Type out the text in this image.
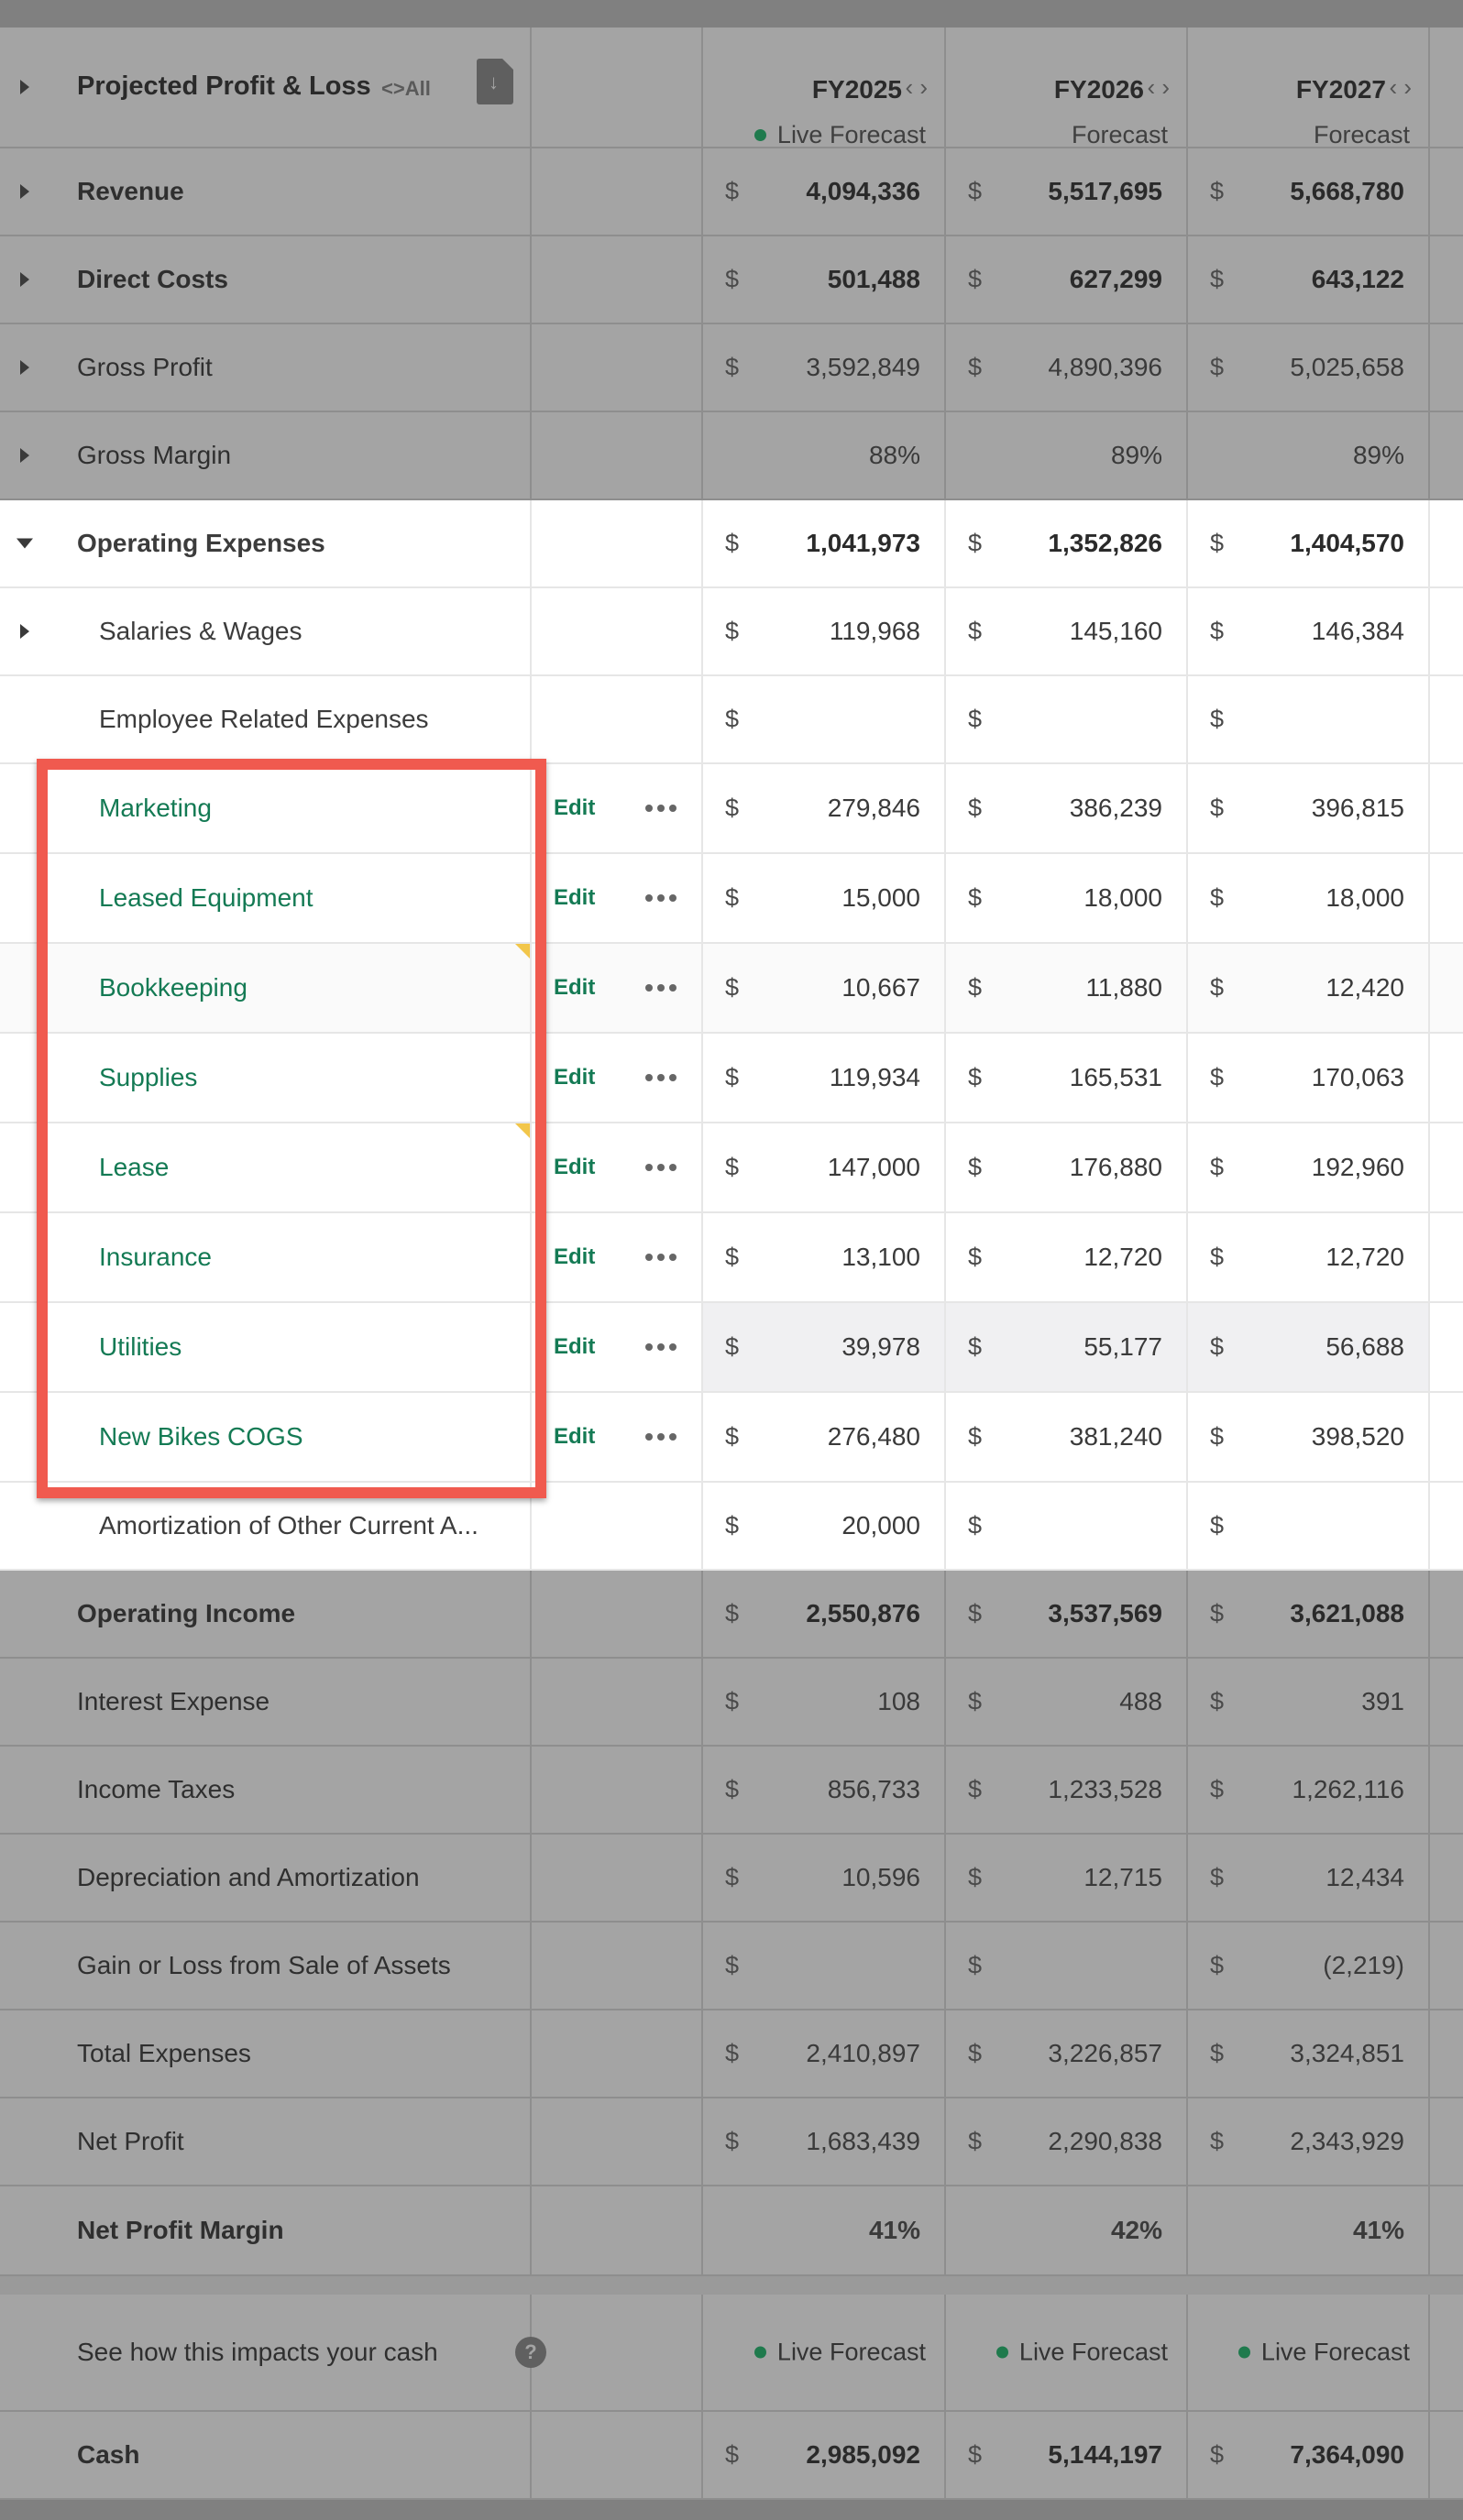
FY2025 ‹ ›
Live Forecast
FY2026 ‹ ›
Forecast
FY2027 ‹ ›
Forecast
Projected Profit & Loss <>All	↓
Revenue	$	4,094,336 $	5,517,695 $	5,668,780
Direct Costs	$	501,488 $	627,299 $	643,122
Gross Profit	$	3,592,849 $	4,890,396 $	5,025,658
Gross Margin	88%	89%	89%
Operating Expenses	$	1,041,973 $	1,352,826 $	1,404,570
Salaries & Wages	$	119,968 $	145,160 $	146,384
Employee Related Expenses	$	$	$
Marketing	Edit	$	279,846 $	386,239 $	396,815
Leased Equipment	Edit	$	15,000 $	18,000 $	18,000
Bookkeeping	Edit	$	10,667 $	11,880 $	12,420
Supplies	Edit	$	119,934 $	165,531 $	170,063
Lease	Edit	$	147,000 $	176,880 $	192,960
Insurance	Edit	$	13,100 $	12,720 $	12,720
Utilities	Edit	$	39,978 $	55,177 $	56,688
New Bikes COGS	Edit	$	276,480 $	381,240 $	398,520
Amortization of Other Current A...	$	20,000 $	$
Operating Income	$	2,550,876 $	3,537,569 $	3,621,088
Interest Expense	$	108 $	488 $	391
Income Taxes	$	856,733 $	1,233,528 $	1,262,116
Depreciation and Amortization	$	10,596 $	12,715 $	12,434
Gain or Loss from Sale of Assets	$	$	$	(2,219)
Total Expenses	$	2,410,897 $	3,226,857 $	3,324,851
Net Profit	$	1,683,439 $	2,290,838 $	2,343,929
Net Profit Margin	41%	42%	41%
See how this impacts your cash	?	Live Forecast	Live Forecast	Live Forecast
Cash	$	2,985,092 $	5,144,197 $	7,364,090
